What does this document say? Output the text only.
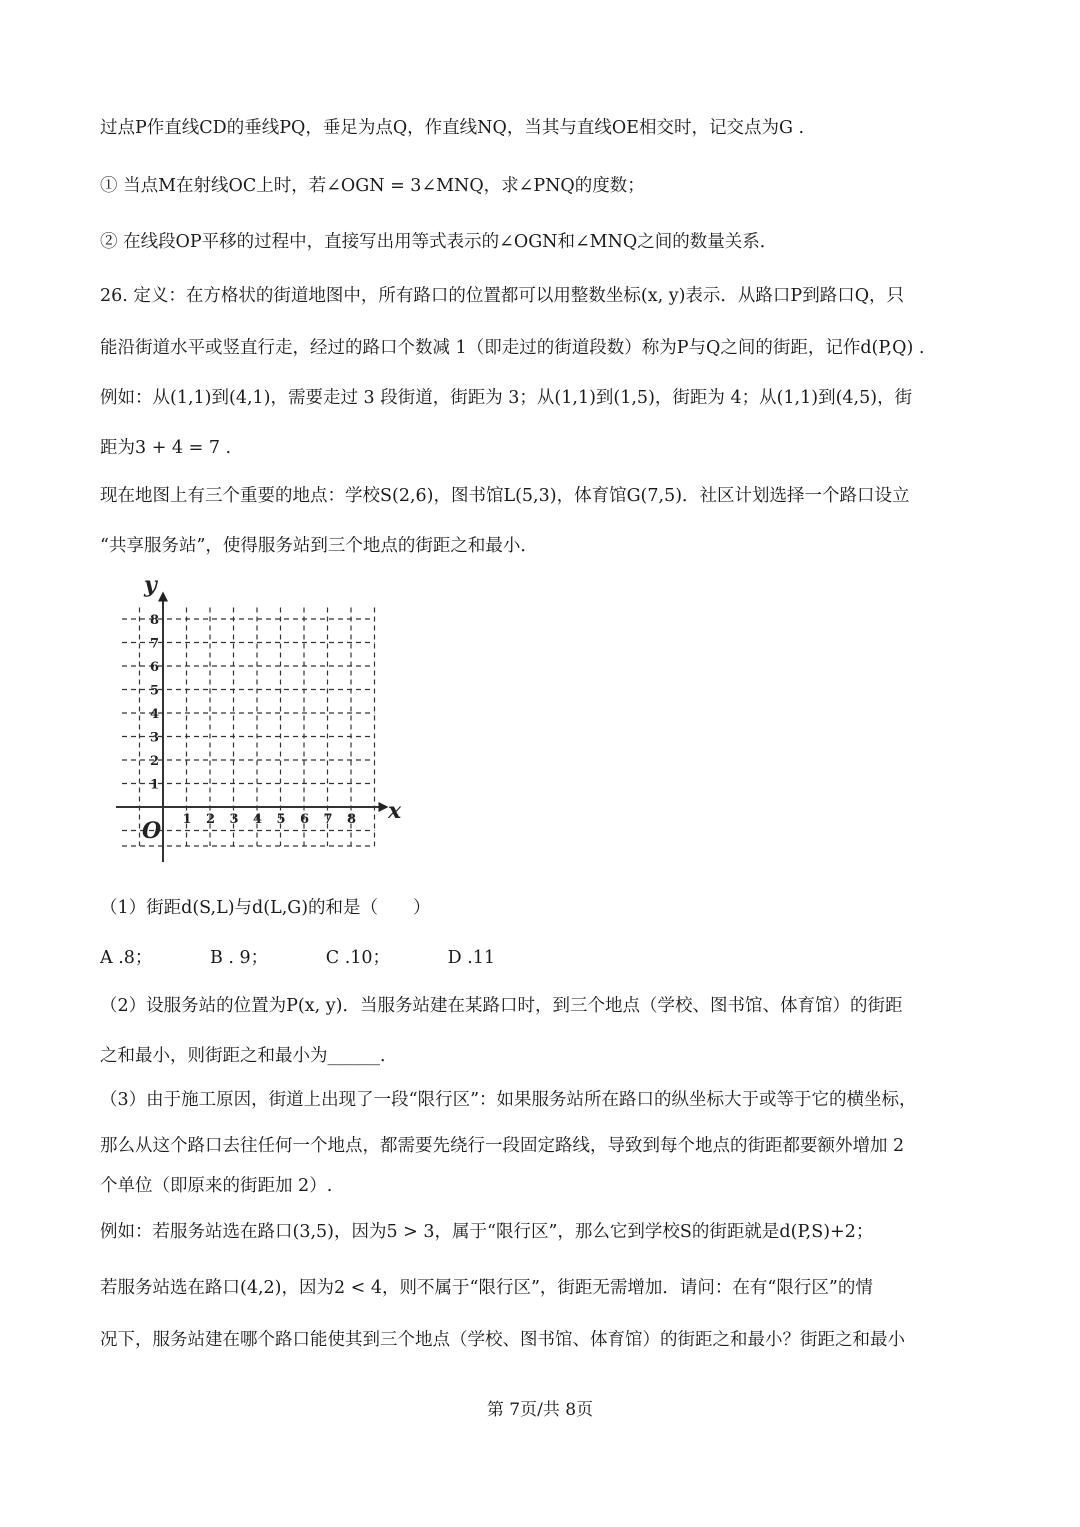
过点P作直线CD的垂线PQ，垂足为点Q，作直线NQ，当其与直线OE相交时，记交点为G .
① 当点M在射线OC上时，若∠OGN = 3∠MNQ，求∠PNQ的度数；
② 在线段OP平移的过程中，直接写出用等式表示的∠OGN和∠MNQ之间的数量关系．
26. 定义：在方格状的街道地图中，所有路口的位置都可以用整数坐标(x, y)表示．从路口P到路口Q，只
能沿街道水平或竖直行走，经过的路口个数减 1（即走过的街道段数）称为P与Q之间的街距，记作d(P,Q) .
例如：从(1,1)到(4,1)，需要走过 3 段街道，街距为 3；从(1,1)到(1,5)，街距为 4；从(1,1)到(4,5)，街
距为3 + 4 = 7 .
现在地图上有三个重要的地点：学校S(2,6)，图书馆L(5,3)，体育馆G(7,5)．社区计划选择一个路口设立
“共享服务站”，使得服务站到三个地点的街距之和最小．
1 2 3 4 5 6 7 8
1
2
3
4
5
6
7
8
y
x
O
（1）街距d(S,L)与d(L,G)的和是（　　）
A .8；	B . 9；	C .10；	D .11
（2）设服务站的位置为P(x, y)．当服务站建在某路口时，到三个地点（学校、图书馆、体育馆）的街距
之和最小，则街距之和最小为______．
（3）由于施工原因，街道上出现了一段“限行区”：如果服务站所在路口的纵坐标大于或等于它的横坐标，
那么从这个路口去往任何一个地点，都需要先绕行一段固定路线，导致到每个地点的街距都要额外增加 2
个单位（即原来的街距加 2）.
例如：若服务站选在路口(3,5)，因为5 > 3，属于“限行区”，那么它到学校S的街距就是d(P,S)+2；
若服务站选在路口(4,2)，因为2 < 4，则不属于“限行区”，街距无需增加．请问：在有“限行区”的情
况下，服务站建在哪个路口能使其到三个地点（学校、图书馆、体育馆）的街距之和最小？街距之和最小
第 7页/共 8页
